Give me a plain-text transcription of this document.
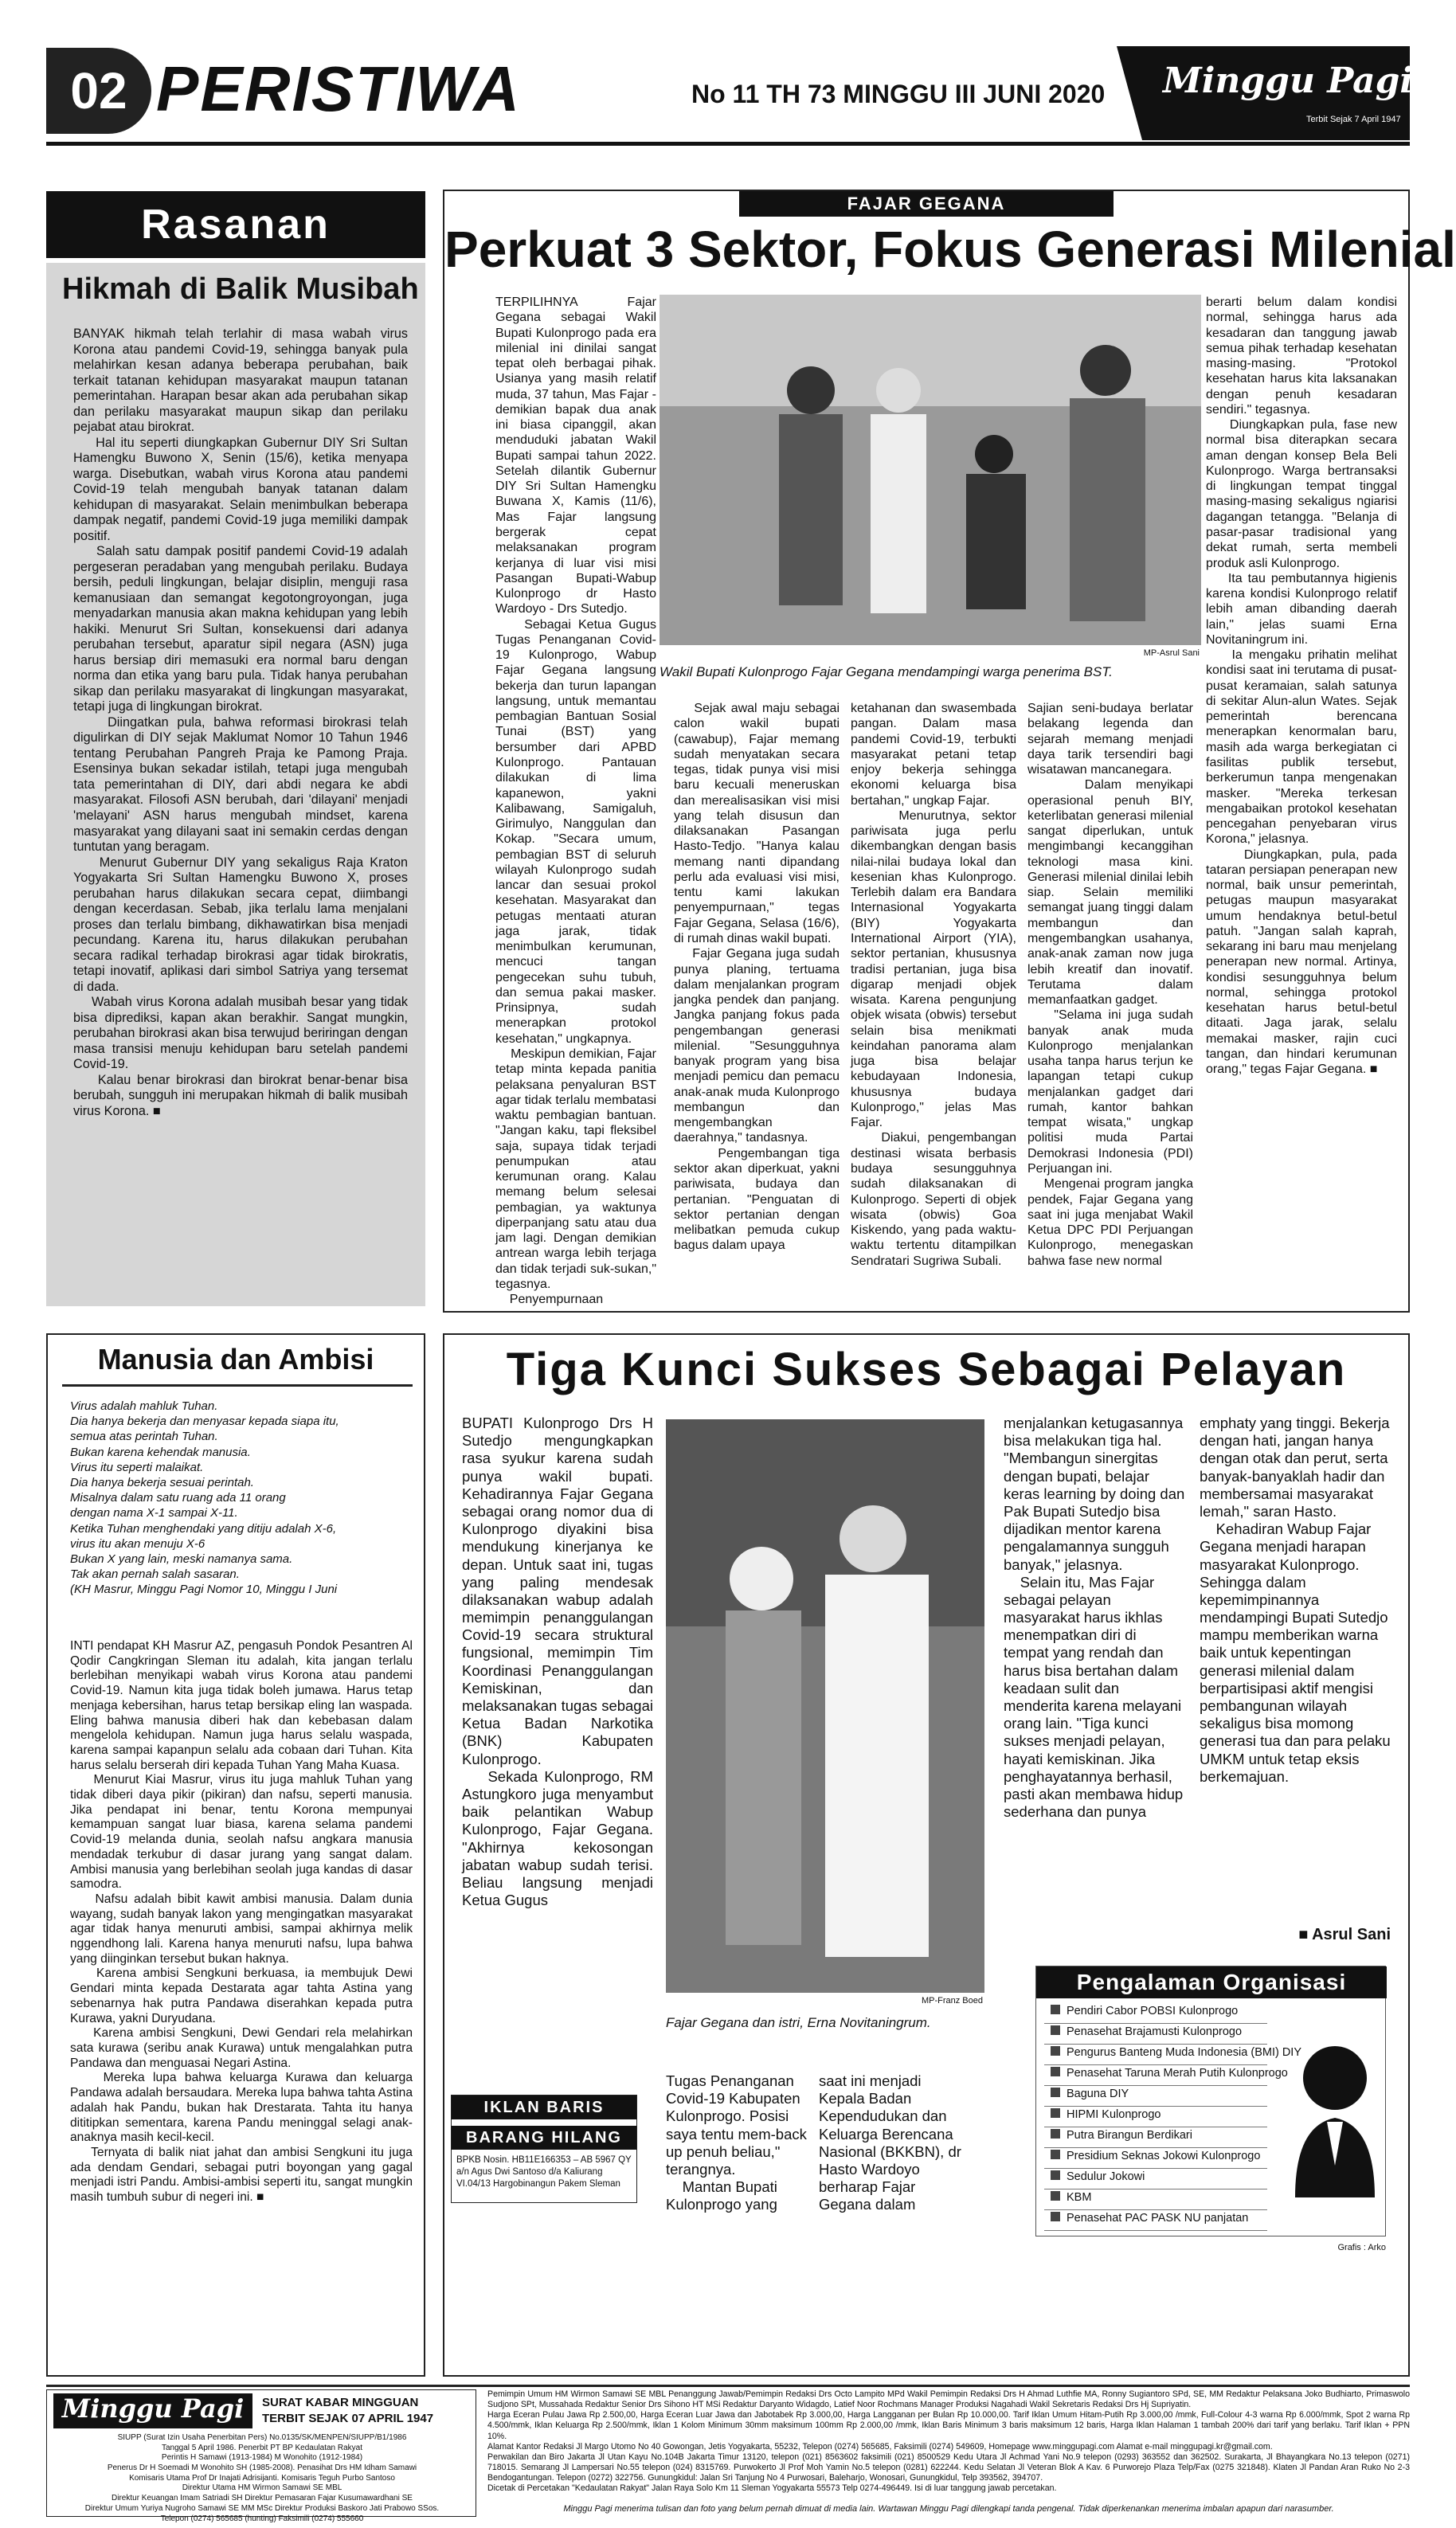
02 PERISTIWA	No 11 TH 73 MINGGU III JUNI 2020 Minggu Pagi
Terbit Sejak 7 April 1947
Rasanan
Hikmah di Balik Musibah
BANYAK hikmah telah terlahir di masa wabah virus Korona atau pandemi Covid-19, sehingga banyak pula melahirkan kesan adanya beberapa perubahan, baik terkait tatanan kehidupan masyarakat maupun tatanan pemerintahan. Harapan besar akan ada perubahan sikap dan perilaku masyarakat maupun sikap dan perilaku pejabat atau birokrat.
Hal itu seperti diungkapkan Gubernur DIY Sri Sultan Hamengku Buwono X, Senin (15/6), ketika menyapa warga. Disebutkan, wabah virus Korona atau pandemi Covid-19 telah mengubah banyak tatanan dalam kehidupan di masyarakat. Selain menimbulkan beberapa dampak negatif, pandemi Covid-19 juga memiliki dampak positif.
Salah satu dampak positif pandemi Covid-19 adalah pergeseran peradaban yang mengubah perilaku. Budaya bersih, peduli lingkungan, belajar disiplin, menguji rasa kemanusiaan dan semangat kegotongroyongan, juga menyadarkan manusia akan makna kehidupan yang lebih hakiki. Menurut Sri Sultan, konsekuensi dari adanya perubahan tersebut, aparatur sipil negara (ASN) juga harus bersiap diri memasuki era normal baru dengan norma dan etika yang baru pula. Tidak hanya perubahan sikap dan perilaku masyarakat di lingkungan masyarakat, tetapi juga di lingkungan birokrat.
Diingatkan pula, bahwa reformasi birokrasi telah digulirkan di DIY sejak Maklumat Nomor 10 Tahun 1946 tentang Perubahan Pangreh Praja ke Pamong Praja. Esensinya bukan sekadar istilah, tetapi juga mengubah tata pemerintahan di DIY, dari abdi negara ke abdi masyarakat. Filosofi ASN berubah, dari 'dilayani' menjadi 'melayani' ASN harus mengubah mindset, karena masyarakat yang dilayani saat ini semakin cerdas dengan tuntutan yang beragam.
Menurut Gubernur DIY yang sekaligus Raja Kraton Yogyakarta Sri Sultan Hamengku Buwono X, proses perubahan harus dilakukan secara cepat, diimbangi dengan kecerdasan. Sebab, jika terlalu lama menjalani proses dan terlalu bimbang, dikhawatirkan bisa menjadi pecundang. Karena itu, harus dilakukan perubahan secara radikal terhadap birokrasi agar tidak birokratis, tetapi inovatif, aplikasi dari simbol Satriya yang tersemat di dada.
Wabah virus Korona adalah musibah besar yang tidak bisa diprediksi, kapan akan berakhir. Sangat mungkin, perubahan birokrasi akan bisa terwujud beriringan dengan masa transisi menuju kehidupan baru setelah pandemi Covid-19.
Kalau benar birokrasi dan birokrat benar-benar bisa berubah, sungguh ini merupakan hikmah di balik musibah virus Korona. ■
Manusia dan Ambisi
Virus adalah mahluk Tuhan.
Dia hanya bekerja dan menyasar kepada siapa itu,
semua atas perintah Tuhan.
Bukan karena kehendak manusia.
Virus itu seperti malaikat.
Dia hanya bekerja sesuai perintah.
Misalnya dalam satu ruang ada 11 orang
dengan nama X-1 sampai X-11.
Ketika Tuhan menghendaki yang ditiju adalah X-6,
virus itu akan menuju X-6
Bukan X yang lain, meski namanya sama.
Tak akan pernah salah sasaran.
(KH Masrur, Minggu Pagi Nomor 10, Minggu I Juni
INTI pendapat KH Masrur AZ, pengasuh Pondok Pesantren Al Qodir Cangkringan Sleman itu adalah, kita jangan terlalu berlebihan menyikapi wabah virus Korona atau pandemi Covid-19. Namun kita juga tidak boleh jumawa. Harus tetap menjaga kebersihan, harus tetap bersikap eling lan waspada. Eling bahwa manusia diberi hak dan kebebasan dalam mengelola kehidupan. Namun juga harus selalu waspada, karena sampai kapanpun selalu ada cobaan dari Tuhan. Kita harus selalu berserah diri kepada Tuhan Yang Maha Kuasa.
Menurut Kiai Masrur, virus itu juga mahluk Tuhan yang tidak diberi daya pikir (pikiran) dan nafsu, seperti manusia. Jika pendapat ini benar, tentu Korona mempunyai kemampuan sangat luar biasa, karena selama pandemi Covid-19 melanda dunia, seolah nafsu angkara manusia mendadak terkubur di dasar jurang yang sangat dalam. Ambisi manusia yang berlebihan seolah juga kandas di dasar samodra.
Nafsu adalah bibit kawit ambisi manusia. Dalam dunia wayang, sudah banyak lakon yang mengingatkan masyarakat agar tidak hanya menuruti ambisi, sampai akhirnya melik nggendhong lali. Karena hanya menuruti nafsu, lupa bahwa yang diinginkan tersebut bukan haknya.
Karena ambisi Sengkuni berkuasa, ia membujuk Dewi Gendari minta kepada Destarata agar tahta Astina yang sebenarnya hak putra Pandawa diserahkan kepada putra Kurawa, yakni Duryudana.
Karena ambisi Sengkuni, Dewi Gendari rela melahirkan sata kurawa (seribu anak Kurawa) untuk mengalahkan putra Pandawa dan menguasai Negari Astina.
Mereka lupa bahwa keluarga Kurawa dan keluarga Pandawa adalah bersaudara. Mereka lupa bahwa tahta Astina adalah hak Pandu, bukan hak Drestarata. Tahta itu hanya dititipkan sementara, karena Pandu meninggal selagi anak-anaknya masih kecil-kecil.
Ternyata di balik niat jahat dan ambisi Sengkuni itu juga ada dendam Gendari, sebagai putri boyongan yang gagal menjadi istri Pandu. Ambisi-ambisi seperti itu, sangat mungkin masih tumbuh subur di negeri ini. ■
FAJAR GEGANA
Perkuat 3 Sektor, Fokus Generasi Milenial
TERPILIHNYA Fajar Gegana sebagai Wakil Bupati Kulonprogo pada era milenial ini dinilai sangat tepat oleh berbagai pihak. Usianya yang masih relatif muda, 37 tahun, Mas Fajar - demikian bapak dua anak ini biasa cipanggil, akan menduduki jabatan Wakil Bupati sampai tahun 2022. Setelah dilantik Gubernur DIY Sri Sultan Hamengku Buwana X, Kamis (11/6), Mas Fajar langsung bergerak cepat melaksanakan program kerjanya di luar visi misi Pasangan Bupati-Wabup Kulonprogo dr Hasto Wardoyo - Drs Sutedjo.
Sebagai Ketua Gugus Tugas Penanganan Covid-19 Kulonprogo, Wabup Fajar Gegana langsung bekerja dan turun lapangan langsung, untuk memantau pembagian Bantuan Sosial Tunai (BST) yang bersumber dari APBD Kulonprogo. Pantauan dilakukan di lima kapanewon, yakni Kalibawang, Samigaluh, Girimulyo, Nanggulan dan Kokap. "Secara umum, pembagian BST di seluruh wilayah Kulonprogo sudah lancar dan sesuai prokol kesehatan. Masyarakat dan petugas mentaati aturan jaga jarak, tidak menimbulkan kerumunan, mencuci tangan pengecekan suhu tubuh, dan semua pakai masker. Prinsipnya, sudah menerapkan protokol kesehatan," ungkapnya.
Meskipun demikian, Fajar tetap minta kepada panitia pelaksana penyaluran BST agar tidak terlalu membatasi waktu pembagian bantuan. "Jangan kaku, tapi fleksibel saja, supaya tidak terjadi penumpukan atau kerumunan orang. Kalau memang belum selesai pembagian, ya waktunya diperpanjang satu atau dua jam lagi. Dengan demikian antrean warga lebih terjaga dan tidak terjadi suk-sukan," tegasnya.
Penyempurnaan
MP-Asrul Sani
Wakil Bupati Kulonprogo Fajar Gegana mendampingi warga penerima BST.
Sejak awal maju sebagai calon wakil bupati (cawabup), Fajar memang sudah menyatakan secara tegas, tidak punya visi misi baru kecuali meneruskan dan merealisasikan visi misi yang telah disusun dan dilaksanakan Pasangan Hasto-Tedjo. "Hanya kalau memang nanti dipandang perlu ada evaluasi visi misi, tentu kami lakukan penyempurnaan," tegas Fajar Gegana, Selasa (16/6), di rumah dinas wakil bupati.
Fajar Gegana juga sudah punya planing, tertuama dalam menjalankan program jangka pendek dan panjang. Jangka panjang fokus pada pengembangan generasi milenial. "Sesungguhnya banyak program yang bisa menjadi pemicu dan pemacu anak-anak muda Kulonprogo membangun dan mengembangkan daerahnya," tandasnya.
Pengembangan tiga sektor akan diperkuat, yakni pariwisata, budaya dan pertanian. "Penguatan di sektor pertanian dengan melibatkan pemuda cukup bagus dalam upaya
ketahanan dan swasembada pangan. Dalam masa pandemi Covid-19, terbukti masyarakat petani tetap enjoy bekerja sehingga ekonomi keluarga bisa bertahan," ungkap Fajar.
Menurutnya, sektor pariwisata juga perlu dikembangkan dengan basis nilai-nilai budaya lokal dan kesenian khas Kulonprogo. Terlebih dalam era Bandara Internasional Yogyakarta (BIY) Yogyakarta International Airport (YIA), sektor pertanian, khususnya tradisi pertanian, juga bisa digarap menjadi objek wisata. Karena pengunjung objek wisata (obwis) tersebut selain bisa menikmati keindahan panorama alam juga bisa belajar kebudayaan Indonesia, khususnya budaya Kulonprogo," jelas Mas Fajar.
Diakui, pengembangan destinasi wisata berbasis budaya sesungguhnya sudah dilaksanakan di Kulonprogo. Seperti di objek wisata (obwis) Goa Kiskendo, yang pada waktu-waktu tertentu ditampilkan Sendratari Sugriwa Subali.
Sajian seni-budaya berlatar belakang legenda dan sejarah memang menjadi daya tarik tersendiri bagi wisatawan mancanegara.
Dalam menyikapi operasional penuh BIY, keterlibatan generasi milenial sangat diperlukan, untuk mengimbangi kecanggihan teknologi masa kini. Generasi milenial dinilai lebih siap. Selain memiliki semangat juang tinggi dalam membangun dan mengembangkan usahanya, anak-anak zaman now juga lebih kreatif dan inovatif. Terutama dalam memanfaatkan gadget.
"Selama ini juga sudah banyak anak muda Kulonprogo menjalankan usaha tanpa harus terjun ke lapangan tetapi cukup menjalankan gadget dari rumah, kantor bahkan tempat wisata," ungkap politisi muda Partai Demokrasi Indonesia (PDI) Perjuangan ini.
Mengenai program jangka pendek, Fajar Gegana yang saat ini juga menjabat Wakil Ketua DPC PDI Perjuangan Kulonprogo, menegaskan bahwa fase new normal
berarti belum dalam kondisi normal, sehingga harus ada kesadaran dan tanggung jawab semua pihak terhadap kesehatan masing-masing. "Protokol kesehatan harus kita laksanakan dengan penuh kesadaran sendiri." tegasnya.
Diungkapkan pula, fase new normal bisa diterapkan secara aman dengan konsep Bela Beli Kulonprogo. Warga bertransaksi di lingkungan tempat tinggal masing-masing sekaligus ngiarisi dagangan tetangga. "Belanja di pasar-pasar tradisional yang dekat rumah, serta membeli produk asli Kulonprogo.
Ita tau pembutannya higienis karena kondisi Kulonprogo relatif lebih aman dibanding daerah lain," jelas suami Erna Novitaningrum ini.
Ia mengaku prihatin melihat kondisi saat ini terutama di pusat-pusat keramaian, salah satunya di sekitar Alun-alun Wates. Sejak pemerintah berencana menerapkan kenormalan baru, masih ada warga berkegiatan ci fasilitas publik tersebut, berkerumun tanpa mengenakan masker. "Mereka terkesan mengabaikan protokol kesehatan pencegahan penyebaran virus Korona," jelasnya.
Diungkapkan, pula, pada tataran persiapan penerapan new normal, baik unsur pemerintah, petugas maupun masyarakat umum hendaknya betul-betul patuh. "Jangan salah kaprah, sekarang ini baru mau menjelang penerapan new normal. Artinya, kondisi sesungguhnya belum normal, sehingga protokol kesehatan harus betul-betul ditaati. Jaga jarak, selalu memakai masker, rajin cuci tangan, dan hindari kerumunan orang," tegas Fajar Gegana. ■
Tiga Kunci Sukses Sebagai Pelayan
BUPATI Kulonprogo Drs H Sutedjo mengungkapkan rasa syukur karena sudah punya wakil bupati. Kehadirannya Fajar Gegana sebagai orang nomor dua di Kulonprogo diyakini bisa mendukung kinerjanya ke depan. Untuk saat ini, tugas yang paling mendesak dilaksanakan wabup adalah memimpin penanggulangan Covid-19 secara struktural fungsional, memimpin Tim Koordinasi Penanggulangan Kemiskinan, dan melaksanakan tugas sebagai Ketua Badan Narkotika (BNK) Kabupaten Kulonprogo.
Sekada Kulonprogo, RM Astungkoro juga menyambut baik pelantikan Wabup Kulonprogo, Fajar Gegana. "Akhirnya kekosongan jabatan wabup sudah terisi. Beliau langsung menjadi Ketua Gugus
MP-Franz Boed
Fajar Gegana dan istri, Erna Novitaningrum.
Tugas Penanganan Covid-19 Kabupaten Kulonprogo. Posisi saya tentu mem-back up penuh beliau," terangnya.
Mantan Bupati Kulonprogo yang
saat ini menjadi Kepala Badan Kependudukan dan Keluarga Berencana Nasional (BKKBN), dr Hasto Wardoyo berharap Fajar Gegana dalam
menjalankan ketugasannya bisa melakukan tiga hal. "Membangun sinergitas dengan bupati, belajar keras learning by doing dan Pak Bupati Sutedjo bisa dijadikan mentor karena pengalamannya sungguh banyak," jelasnya.
Selain itu, Mas Fajar sebagai pelayan masyarakat harus ikhlas menempatkan diri di tempat yang rendah dan harus bisa bertahan dalam keadaan sulit dan menderita karena melayani orang lain. "Tiga kunci sukses menjadi pelayan, hayati kemiskinan. Jika penghayatannya berhasil, pasti akan membawa hidup sederhana dan punya
emphaty yang tinggi. Bekerja dengan hati, jangan hanya dengan otak dan perut, serta banyak-banyaklah hadir dan membersamai masyarakat lemah," saran Hasto.
Kehadiran Wabup Fajar Gegana menjadi harapan masyarakat Kulonprogo. Sehingga dalam kepemimpinannya mendampingi Bupati Sutedjo mampu memberikan warna baik untuk kepentingan generasi milenial dalam berpartisipasi aktif mengisi pembangunan wilayah sekaligus bisa momong generasi tua dan para pelaku UMKM untuk tetap eksis berkemajuan.
■ Asrul Sani
IKLAN BARIS
BARANG HILANG
BPKB Nosin. HB11E166353 – AB 5967 QY a/n Agus Dwi Santoso d/a Kaliurang VI.04/13 Hargobinangun Pakem Sleman
Pengalaman Organisasi
Pendiri Cabor POBSI Kulonprogo
Penasehat Brajamusti Kulonprogo
Pengurus Banteng Muda Indonesia (BMI) DIY
Penasehat Taruna Merah Putih Kulonprogo
Baguna DIY
HIPMI Kulonprogo
Putra Birangun Berdikari
Presidium Seknas Jokowi Kulonprogo
Sedulur Jokowi
KBM
Penasehat PAC PASK NU panjatan
Grafis : Arko
Minggu Pagi	SURAT KABAR MINGGUAN
TERBIT SEJAK 07 APRIL 1947
SIUPP (Surat Izin Usaha Penerbitan Pers) No.0135/SK/MENPEN/SIUPP/B1/1986
Tanggal 5 April 1986. Penerbit PT BP Kedaulatan Rakyat
Perintis H Samawi (1913-1984) M Wonohito (1912-1984)
Penerus Dr H Soemadi M Wonohito SH (1985-2008). Penasihat Drs HM Idham Samawi
Komisaris Utama Prof Dr Inajati Adrisijanti. Komisaris Teguh Purbo Santoso
Direktur Utama HM Wirmon Samawi SE MBL
Direktur Keuangan Imam Satriadi SH Direktur Pemasaran Fajar Kusumawardhani SE
Direktur Umum Yuriya Nugroho Samawi SE MM MSc Direktur Produksi Baskoro Jati Prabowo SSos.
Telepon (0274) 565685 (hunting) Faksimili (0274) 555660
Pemimpin Umum HM Wirmon Samawi SE MBL Penanggung Jawab/Pemimpin Redaksi Drs Octo Lampito MPd Wakil Pemimpin Redaksi Drs H Ahmad Luthfie MA, Ronny Sugiantoro SPd, SE, MM Redaktur Pelaksana Joko Budhiarto, Primaswolo Sudjono SPt, Mussahada Redaktur Senior Drs Sihono HT MSi Redaktur Daryanto Widagdo, Latief Noor Rochmans Manager Produksi Nagahadi Wakil Sekretaris Redaksi Drs Hj Supriyatin.
Harga Eceran Pulau Jawa Rp 2.500,00, Harga Eceran Luar Jawa dan Jabotabek Rp 3.000,00, Harga Langganan per Bulan Rp 10.000,00. Tarif Iklan Umum Hitam-Putih Rp 3.000,00 /mmk, Full-Colour 4-3 warna Rp 6.000/mmk, Spot 2 warna Rp 4.500/mmk, Iklan Keluarga Rp 2.500/mmk, Iklan 1 Kolom Minimum 30mm maksimum 100mm Rp 2.000,00 /mmk, Iklan Baris Minimum 3 baris maksimum 12 baris, Harga Iklan Halaman 1 tambah 200% dari tarif yang berlaku. Tarif Iklan + PPN 10%.
Alamat Kantor Redaksi Jl Margo Utomo No 40 Gowongan, Jetis Yogyakarta, 55232, Telepon (0274) 565685, Faksimili (0274) 549609, Homepage www.minggupagi.com Alamat e-mail minggupagi.kr@gmail.com.
Perwakilan dan Biro Jakarta Jl Utan Kayu No.104B Jakarta Timur 13120, telepon (021) 8563602 faksimili (021) 8500529 Kedu Utara Jl Achmad Yani No.9 telepon (0293) 363552 dan 362502. Surakarta, Jl Bhayangkara No.13 telepon (0271) 718015. Semarang Jl Lampersari No.55 telepon (024) 8315769. Purwokerto Jl Prof Moh Yamin No.5 telepon (0281) 622244. Kedu Selatan Jl Veteran Blok A Kav. 6 Purworejo Plaza Telp/Fax (0275 321848). Klaten Jl Pandan Aran Ruko No 2-3 Bendogantungan. Telepon (0272) 322756. Gunungkidul: Jalan Sri Tanjung No 4 Purwosari, Baleharjo, Wonosari, Gunungkidul, Telp 393562, 394707.
Dicetak di Percetakan "Kedaulatan Rakyat" Jalan Raya Solo Km 11 Sleman Yogyakarta 55573 Telp 0274-496449. Isi di luar tanggung jawab percetakan.
Minggu Pagi menerima tulisan dan foto yang belum pernah dimuat di media lain. Wartawan Minggu Pagi dilengkapi tanda pengenal. Tidak diperkenankan menerima imbalan apapun dari narasumber.
